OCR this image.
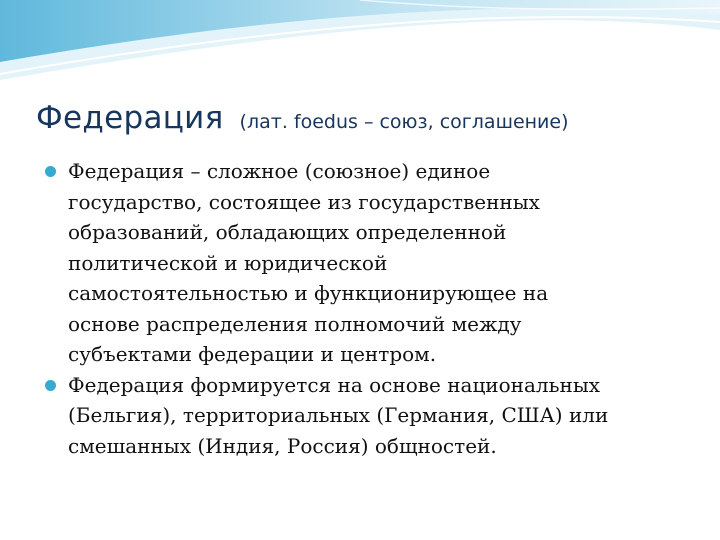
Федерация (лат. foedus – союз, соглашение)
Федерация – сложное (союзное) единое
государство, состоящее из государственных
образований, обладающих определенной
политической и юридической
самостоятельностью и функционирующее на
основе распределения полномочий между
субъектами федерации и центром.
Федерация формируется на основе национальных
(Бельгия), территориальных (Германия, США) или
смешанных (Индия, Россия) общностей.
